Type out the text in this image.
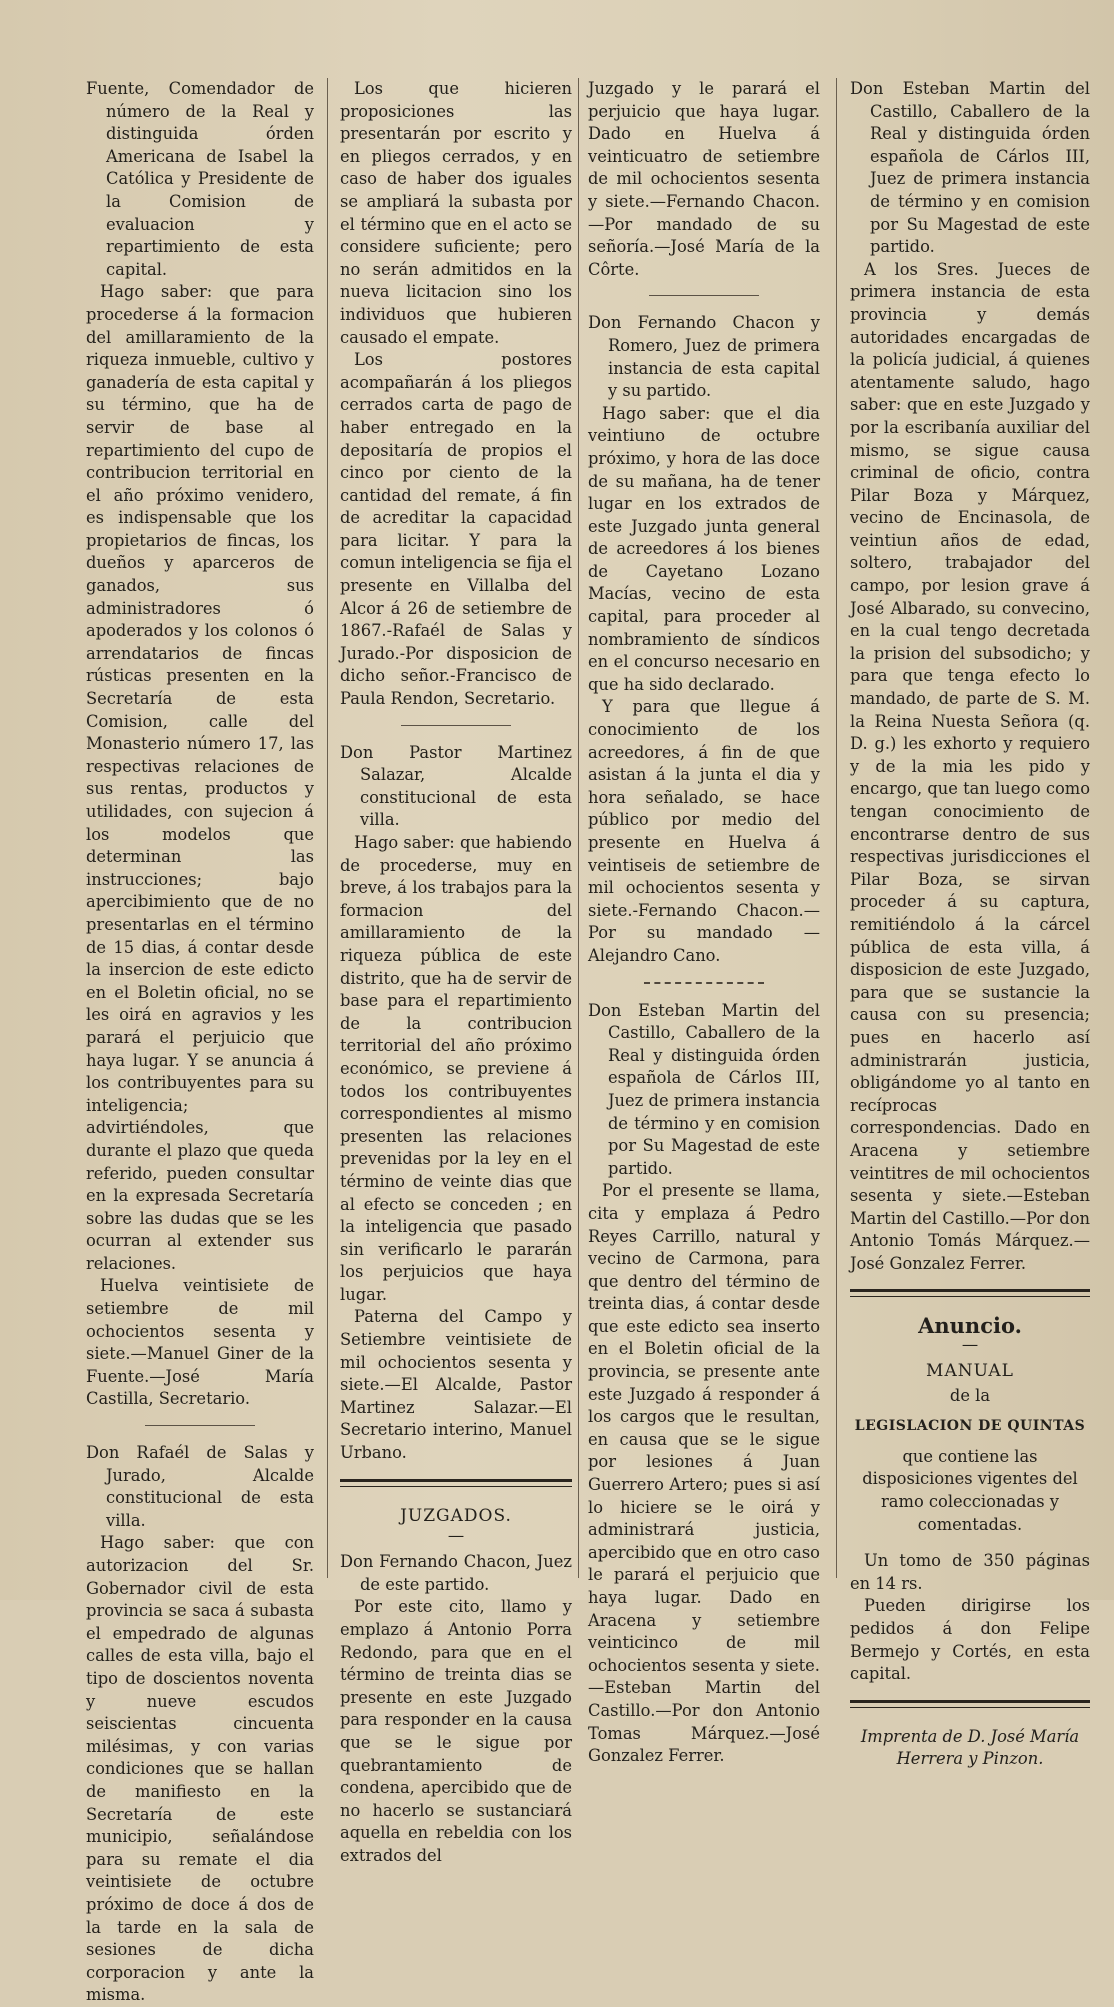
Fuente, Comendador de número de la Real y distinguida órden Americana de Isabel la Católica y Presidente de la Comision de evaluacion y repartimiento de esta capital.

Hago saber: que para procederse á la formacion del amillaramiento de la riqueza inmueble, cultivo y ganadería de esta capital y su término, que ha de servir de base al repartimiento del cupo de contribucion territorial en el año próximo venidero, es indispensable que los propietarios de fincas, los dueños y aparceros de ganados, sus administradores ó apoderados y los colonos ó arrendatarios de fincas rústicas presenten en la Secretaría de esta Comision, calle del Monasterio número 17, las respectivas relaciones de sus rentas, productos y utilidades, con sujecion á los modelos que determinan las instrucciones; bajo apercibimiento que de no presentarlas en el término de 15 dias, á contar desde la insercion de este edicto en el Boletin oficial, no se les oirá en agravios y les parará el perjuicio que haya lugar. Y se anuncia á los contribuyentes para su inteligencia; advirtiéndoles, que durante el plazo que queda referido, pueden consultar en la expresada Secretaría sobre las dudas que se les ocurran al extender sus relaciones.

Huelva veintisiete de setiembre de mil ochocientos sesenta y siete.—Manuel Giner de la Fuente.—José María Castilla, Secretario.

Don Rafaél de Salas y Jurado, Alcalde constitucional de esta villa.

Hago saber: que con autorizacion del Sr. Gobernador civil de esta provincia se saca á subasta el empedrado de algunas calles de esta villa, bajo el tipo de doscientos noventa y nueve escudos seiscientas cincuenta milésimas, y con varias condiciones que se hallan de manifiesto en la Secretaría de este municipio, señalándose para su remate el dia veintisiete de octubre próximo de doce á dos de la tarde en la sala de sesiones de dicha corporacion y ante la misma.

Los que hicieren proposiciones las presentarán por escrito y en pliegos cerrados, y en caso de haber dos iguales se ampliará la subasta por el término que en el acto se considere suficiente; pero no serán admitidos en la nueva licitacion sino los individuos que hubieren causado el empate.

Los postores acompañarán á los pliegos cerrados carta de pago de haber entregado en la depositaría de propios el cinco por ciento de la cantidad del remate, á fin de acreditar la capacidad para licitar. Y para la comun inteligencia se fija el presente en Villalba del Alcor á 26 de setiembre de 1867.-Rafaél de Salas y Jurado.-Por disposicion de dicho señor.-Francisco de Paula Rendon, Secretario.

Don Pastor Martinez Salazar, Alcalde constitucional de esta villa.

Hago saber: que habiendo de procederse, muy en breve, á los trabajos para la formacion del amillaramiento de la riqueza pública de este distrito, que ha de servir de base para el repartimiento de la contribucion territorial del año próximo económico, se previene á todos los contribuyentes correspondientes al mismo presenten las relaciones prevenidas por la ley en el término de veinte dias que al efecto se conceden ; en la inteligencia que pasado sin verificarlo le pararán los perjuicios que haya lugar.

Paterna del Campo y Setiembre veintisiete de mil ochocientos sesenta y siete.—El Alcalde, Pastor Martinez Salazar.—El Secretario interino, Manuel Urbano.

JUZGADOS.

—

Don Fernando Chacon, Juez de este partido.

Por este cito, llamo y emplazo á Antonio Porra Redondo, para que en el término de treinta dias se presente en este Juzgado para responder en la causa que se le sigue por quebrantamiento de condena, apercibido que de no hacerlo se sustanciará aquella en rebeldia con los extrados del

Juzgado y le parará el perjuicio que haya lugar. Dado en Huelva á veinticuatro de setiembre de mil ochocientos sesenta y siete.—Fernando Chacon.—Por mandado de su señoría.—José María de la Côrte.

Don Fernando Chacon y Romero, Juez de primera instancia de esta capital y su partido.

Hago saber: que el dia veintiuno de octubre próximo, y hora de las doce de su mañana, ha de tener lugar en los extrados de este Juzgado junta general de acreedores á los bienes de Cayetano Lozano Macías, vecino de esta capital, para proceder al nombramiento de síndicos en el concurso necesario en que ha sido declarado.

Y para que llegue á conocimiento de los acreedores, á fin de que asistan á la junta el dia y hora señalado, se hace público por medio del presente en Huelva á veintiseis de setiembre de mil ochocientos sesenta y siete.-Fernando Chacon.—Por su mandado — Alejandro Cano.

Don Esteban Martin del Castillo, Caballero de la Real y distinguida órden española de Cárlos III, Juez de primera instancia de término y en comision por Su Magestad de este partido.

Por el presente se llama, cita y emplaza á Pedro Reyes Carrillo, natural y vecino de Carmona, para que dentro del término de treinta dias, á contar desde que este edicto sea inserto en el Boletin oficial de la provincia, se presente ante este Juzgado á responder á los cargos que le resultan, en causa que se le sigue por lesiones á Juan Guerrero Artero; pues si así lo hiciere se le oirá y administrará justicia, apercibido que en otro caso le parará el perjuicio que haya lugar. Dado en Aracena y setiembre veinticinco de mil ochocientos sesenta y siete.—Esteban Martin del Castillo.—Por don Antonio Tomas Márquez.—José Gonzalez Ferrer.

Don Esteban Martin del Castillo, Caballero de la Real y distinguida órden española de Cárlos III, Juez de primera instancia de término y en comision por Su Magestad de este partido.

A los Sres. Jueces de primera instancia de esta provincia y demás autoridades encargadas de la policía judicial, á quienes atentamente saludo, hago saber: que en este Juzgado y por la escribanía auxiliar del mismo, se sigue causa criminal de oficio, contra Pilar Boza y Márquez, vecino de Encinasola, de veintiun años de edad, soltero, trabajador del campo, por lesion grave á José Albarado, su convecino, en la cual tengo decretada la prision del subsodicho; y para que tenga efecto lo mandado, de parte de S. M. la Reina Nuesta Señora (q. D. g.) les exhorto y requiero y de la mia les pido y encargo, que tan luego como tengan conocimiento de encontrarse dentro de sus respectivas jurisdicciones el Pilar Boza, se sirvan proceder á su captura, remitiéndolo á la cárcel pública de esta villa, á disposicion de este Juzgado, para que se sustancie la causa con su presencia; pues en hacerlo así administrarán justicia, obligándome yo al tanto en recíprocas correspondencias. Dado en Aracena y setiembre veintitres de mil ochocientos sesenta y siete.—Esteban Martin del Castillo.—Por don Antonio Tomás Márquez.—José Gonzalez Ferrer.

Anuncio.

—

MANUAL

de la

LEGISLACION DE QUINTAS

que contiene las disposiciones vigentes del ramo coleccionadas y comentadas.

Un tomo de 350 páginas en 14 rs.

Pueden dirigirse los pedidos á don Felipe Bermejo y Cortés, en esta capital.

Imprenta de D. José María

Herrera y Pinzon.
